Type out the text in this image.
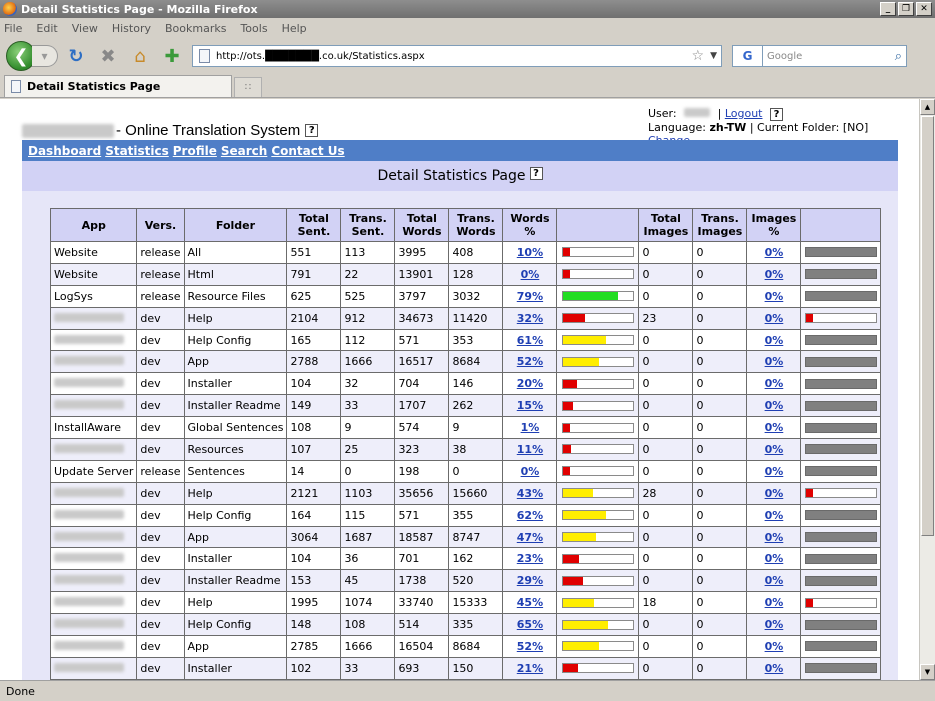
Detail Statistics Page - Mozilla Firefox	_	❐	✕
File Edit View History Bookmarks Tools Help
❮ ▾ ↻ ✖ ⌂ ✚	http://ots.███████.co.uk/Statistics.aspx	☆ ▼ G Google	⌕
Detail Statistics Page	∷
- Online Translation System ?
User:	| Logout ?
Language: zh-TW | Current Folder: [NO]
Dashboard Statistics Profile Search Contact Us
Detail Statistics Page ?
App	Vers.	Folder	Total Sent.	Trans. Sent.	Total Words	Trans. Words	Words %		Total Images	Trans. Images	Images %	
Website	release	All	551	113	3995	408	10%		0	0	0%	

Website	release	Html	791	22	13901	128	0%		0	0	0%	

LogSys	release	Resource Files	625	525	3797	3032	79%		0	0	0%	

	dev	Help	2104	912	34673	11420	32%		23	0	0%	

	dev	Help Config	165	112	571	353	61%		0	0	0%	

	dev	App	2788	1666	16517	8684	52%		0	0	0%	

	dev	Installer	104	32	704	146	20%		0	0	0%	

	dev	Installer Readme	149	33	1707	262	15%		0	0	0%	

InstallAware	dev	Global Sentences	108	9	574	9	1%		0	0	0%	

	dev	Resources	107	25	323	38	11%		0	0	0%	

Update Server	release	Sentences	14	0	198	0	0%		0	0	0%	

	dev	Help	2121	1103	35656	15660	43%		28	0	0%	

	dev	Help Config	164	115	571	355	62%		0	0	0%	

	dev	App	3064	1687	18587	8747	47%		0	0	0%	

	dev	Installer	104	36	701	162	23%		0	0	0%	

	dev	Installer Readme	153	45	1738	520	29%		0	0	0%	

	dev	Help	1995	1074	33740	15333	45%		18	0	0%	

	dev	Help Config	148	108	514	335	65%		0	0	0%	

	dev	App	2785	1666	16504	8684	52%		0	0	0%	

	dev	Installer	102	33	693	150	21%		0	0	0%	
▲
▼
Done
